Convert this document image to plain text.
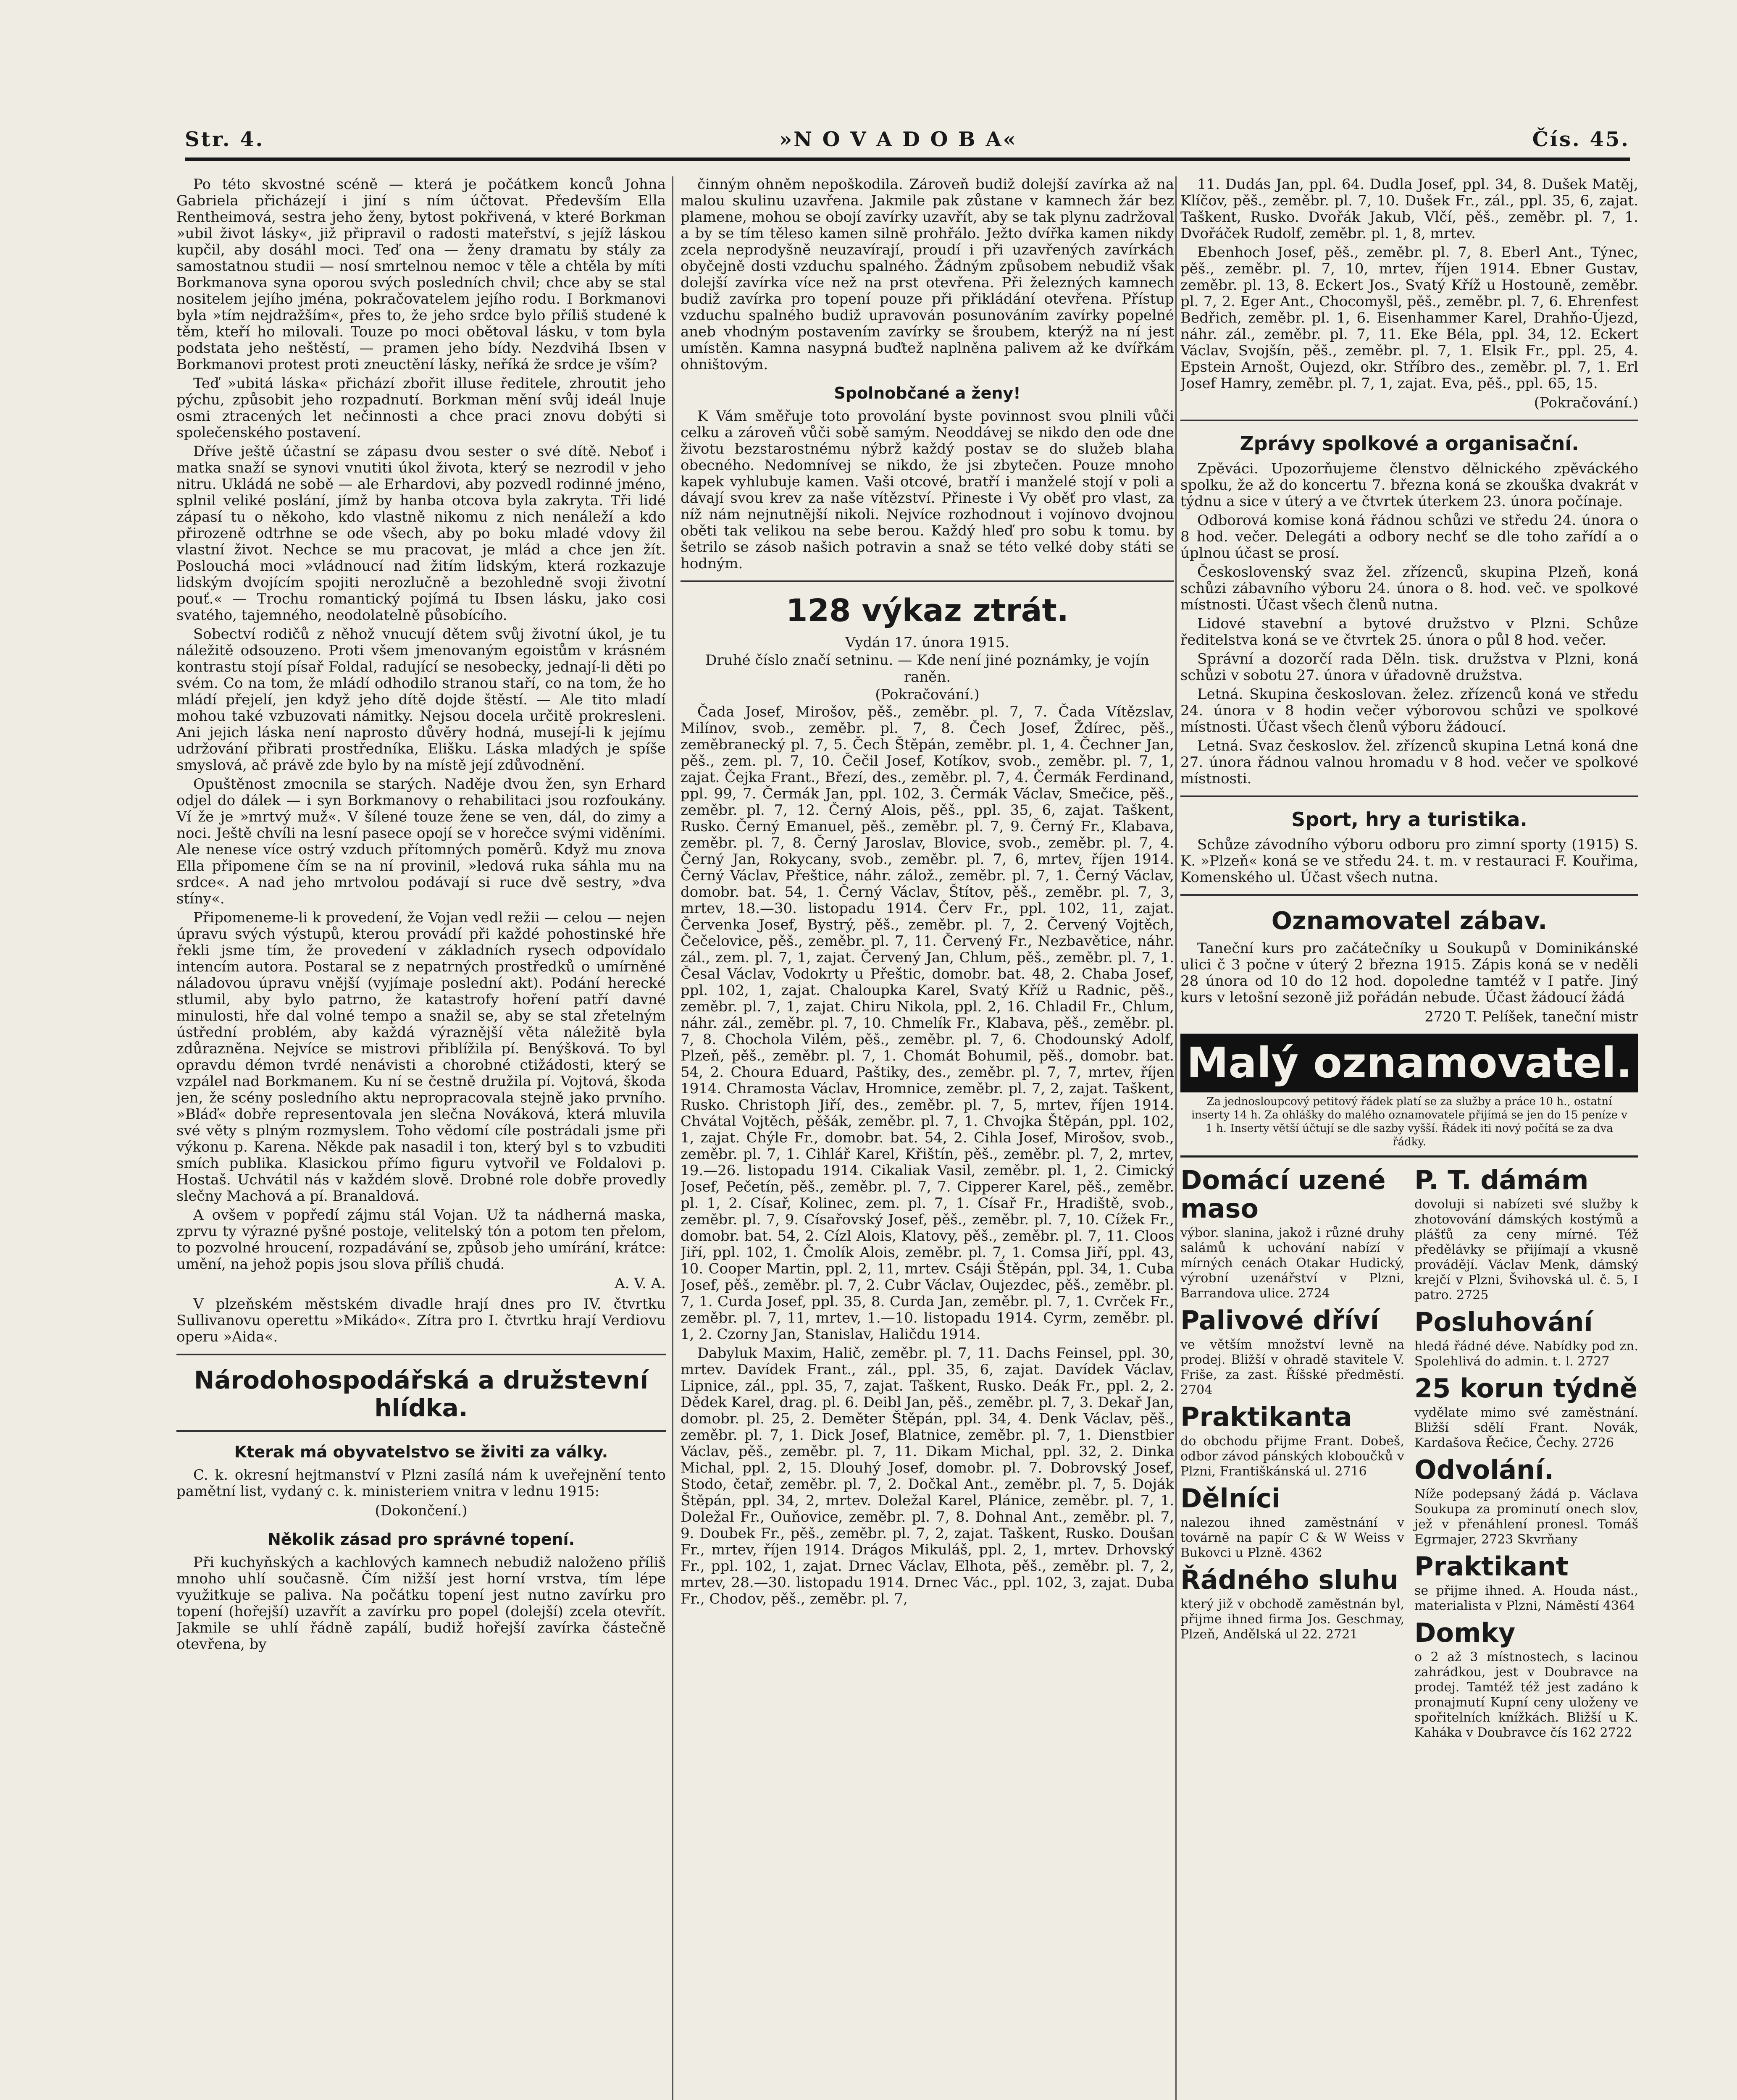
Str. 4.	»N O V A D O B A«	Čís. 45.

Po této skvostné scéně — která je počátkem konců Johna Gabriela přicházejí i jiní s ním účtovat. Především Ella Rentheimová, sestra jeho ženy, bytost pokřivená, v které Borkman »ubil život lásky«, již připravil o radosti mateřství, s jejíž láskou kupčil, aby dosáhl moci. Teď ona — ženy dramatu by stály za samostatnou studii — nosí smrtelnou nemoc v těle a chtěla by míti Borkmanova syna oporou svých posledních chvil; chce aby se stal nositelem jejího jména, pokračovatelem jejího rodu. I Borkmanovi byla »tím nejdražším«, přes to, že jeho srdce bylo příliš studené k těm, kteří ho milovali. Touze po moci obětoval lásku, v tom byla podstata jeho neštěstí, — pramen jeho bídy. Nezdvihá Ibsen v Borkmanovi protest proti zneuctění lásky, neříká že srdce je vším?

Teď »ubitá láska« přichází zbořit illuse ředitele, zhroutit jeho pýchu, způsobit jeho rozpadnutí. Borkman mění svůj ideál lnuje osmi ztracených let nečinnosti a chce praci znovu dobýti si společenského postavení.

Dříve ještě účastní se zápasu dvou sester o své dítě. Neboť i matka snaží se synovi vnutiti úkol života, který se nezrodil v jeho nitru. Ukládá ne sobě — ale Erhardovi, aby pozvedl rodinné jméno, splnil veliké poslání, jímž by hanba otcova byla zakryta. Tři lidé zápasí tu o někoho, kdo vlastně nikomu z nich nenáleží a kdo přirozeně odtrhne se ode všech, aby po boku mladé vdovy žil vlastní život. Nechce se mu pracovat, je mlád a chce jen žít. Poslouchá moci »vládnoucí nad žitím lidským, která rozkazuje lidským dvojícím spojiti nerozlučně a bezohledně svoji životní pouť.« — Trochu romantický pojímá tu Ibsen lásku, jako cosi svatého, tajemného, neodolatelně působícího.

Sobectví rodičů z něhož vnucují dětem svůj životní úkol, je tu náležitě odsouzeno. Proti všem jmenovaným egoistům v krásném kontrastu stojí písař Foldal, radující se nesobecky, jednají-li děti po svém. Co na tom, že mládí odhodilo stranou staří, co na tom, že ho mládí přejelí, jen když jeho dítě dojde štěstí. — Ale tito mladí mohou také vzbuzovati námitky. Nejsou docela určitě prokresleni. Ani jejich láska není naprosto důvěry hodná, musejí-li k jejímu udržování přibrati prostředníka, Elišku. Láska mladých je spíše smyslová, ač právě zde bylo by na místě její zdůvodnění.

Opuštěnost zmocnila se starých. Naděje dvou žen, syn Erhard odjel do dálek — i syn Borkmanovy o rehabilitaci jsou rozfoukány. Ví že je »mrtvý muž«. V šílené touze žene se ven, dál, do zimy a noci. Ještě chvíli na lesní pasece opojí se v horečce svými viděními. Ale nenese více ostrý vzduch přítomných poměrů. Když mu znova Ella připomene čím se na ní provinil, »ledová ruka sáhla mu na srdce«. A nad jeho mrtvolou podávají si ruce dvě sestry, »dva stíny«.

Připomeneme-li k provedení, že Vojan vedl režii — celou — nejen úpravu svých výstupů, kterou provádí při každé pohostinské hře řekli jsme tím, že provedení v základních rysech odpovídalo intencím autora. Postaral se z nepatrných prostředků o umírněné náladovou úpravu vnější (vyjímaje poslední akt). Podání herecké stlumil, aby bylo patrno, že katastrofy hoření patří davné minulosti, hře dal volné tempo a snažil se, aby se stal zřetelným ústřední problém, aby každá výraznější věta náležitě byla zdůrazněna. Nejvíce se mistrovi přiblížila pí. Benýšková. To byl opravdu démon tvrdé nenávisti a chorobné ctižádosti, který se vzpálel nad Borkmanem. Ku ní se čestně družila pí. Vojtová, škoda jen, že scény posledního aktu nepropracovala stejně jako prvního. »Bláď« dobře representovala jen slečna Nováková, která mluvila své věty s plným rozmyslem. Toho vědomí cíle postrádali jsme při výkonu p. Karena. Někde pak nasadil i ton, který byl s to vzbuditi smích publika. Klasickou přímo figuru vytvořil ve Foldalovi p. Hostaš. Uchvátil nás v každém slově. Drobné role dobře provedly slečny Machová a pí. Branaldová.

A ovšem v popředí zájmu stál Vojan. Už ta nádherná maska, zprvu ty výrazné pyšné postoje, velitelský tón a potom ten přelom, to pozvolné hroucení, rozpadávání se, způsob jeho umírání, krátce: umění, na jehož popis jsou slova příliš chudá.

A. V. A.

V plzeňském městském divadle hrají dnes pro IV. čtvrtku Sullivanovu operettu »Mikádo«. Zítra pro I. čtvrtku hrají Verdiovu operu »Aida«.

Národohospodářská a družstevní hlídka.
Kterak má obyvatelstvo se živiti za války.

C. k. okresní hejtmanství v Plzni zasílá nám k uveřejnění tento pamětní list, vydaný c. k. ministeriem vnitra v lednu 1915:

(Dokončení.)
Několik zásad pro správné topení.

Při kuchyňských a kachlových kamnech nebudiž naloženo příliš mnoho uhlí současně. Čím nižší jest horní vrstva, tím lépe využitkuje se paliva. Na počátku topení jest nutno zavírku pro topení (hořejší) uzavřít a zavírku pro popel (dolejší) zcela otevřít. Jakmile se uhlí řádně zapálí, budiž hořejší zavírka částečně otevřena, by

činným ohněm nepoškodila. Zároveň budiž dolejší zavírka až na malou skulinu uzavřena. Jakmile pak zůstane v kamnech žár bez plamene, mohou se obojí zavírky uzavřít, aby se tak plynu zadržoval a by se tím těleso kamen silně prohřálo. Ježto dvířka kamen nikdy zcela neprodyšně neuzavírají, proudí i při uzavřených zavírkách obyčejně dosti vzduchu spalného. Žádným způsobem nebudiž však dolejší zavírka více než na prst otevřena. Při železných kamnech budiž zavírka pro topení pouze při přikládání otevřena. Přístup vzduchu spalného budiž upravován posunováním zavírky popelné aneb vhodným postavením zavírky se šroubem, kterýž na ní jest umístěn. Kamna nasypná buďtež naplněna palivem až ke dvířkám ohništovým.

Spolnobčané a ženy!

K Vám směřuje toto provolání byste povinnost svou plnili vůči celku a zároveň vůči sobě samým. Neoddávej se nikdo den ode dne životu bezstarostnému nýbrž každý postav se do služeb blaha obecného. Nedomnívej se nikdo, že jsi zbytečen. Pouze mnoho kapek vyhlubuje kamen. Vaši otcové, bratří i manželé stojí v poli a dávají svou krev za naše vítězství. Přineste i Vy oběť pro vlast, za níž nám nejnutnější nikoli. Nejvíce rozhodnout i vojínovo dvojnou oběti tak velikou na sebe berou. Každý hleď pro sobu k tomu. by šetrilo se zásob našich potravin a snaž se této velké doby státi se hodným.

128 výkaz ztrát.
Vydán 17. února 1915.
Druhé číslo značí setninu. — Kde není jiné poznámky, je vojín raněn.
(Pokračování.)

Čada Josef, Mirošov, pěš., zeměbr. pl. 7, 7. Čada Vítězslav, Milínov, svob., zeměbr. pl. 7, 8. Čech Josef, Ždírec, pěš., zeměbranecký pl. 7, 5. Čech Štěpán, zeměbr. pl. 1, 4. Čechner Jan, pěš., zem. pl. 7, 10. Čečil Josef, Kotíkov, svob., zeměbr. pl. 7, 1, zajat. Čejka Frant., Březí, des., zeměbr. pl. 7, 4. Čermák Ferdinand, ppl. 99, 7. Čermák Jan, ppl. 102, 3. Čermák Václav, Smečice, pěš., zeměbr. pl. 7, 12. Černý Alois, pěš., ppl. 35, 6, zajat. Taškent, Rusko. Černý Emanuel, pěš., zeměbr. pl. 7, 9. Černý Fr., Klabava, zeměbr. pl. 7, 8. Černý Jaroslav, Blovice, svob., zeměbr. pl. 7, 4. Černý Jan, Rokycany, svob., zeměbr. pl. 7, 6, mrtev, říjen 1914. Černý Václav, Přeštice, náhr. zálož., zeměbr. pl. 7, 1. Černý Václav, domobr. bat. 54, 1. Černý Václav, Štítov, pěš., zeměbr. pl. 7, 3, mrtev, 18.—30. listopadu 1914. Červ Fr., ppl. 102, 11, zajat. Červenka Josef, Bystrý, pěš., zeměbr. pl. 7, 2. Červený Vojtěch, Čečelovice, pěš., zeměbr. pl. 7, 11. Červený Fr., Nezbavětice, náhr. zál., zem. pl. 7, 1, zajat. Červený Jan, Chlum, pěš., zeměbr. pl. 7, 1. Česal Václav, Vodokrty u Přeštic, domobr. bat. 48, 2. Chaba Josef, ppl. 102, 1, zajat. Chaloupka Karel, Svatý Kříž u Radnic, pěš., zeměbr. pl. 7, 1, zajat. Chiru Nikola, ppl. 2, 16. Chladil Fr., Chlum, náhr. zál., zeměbr. pl. 7, 10. Chmelík Fr., Klabava, pěš., zeměbr. pl. 7, 8. Chochola Vilém, pěš., zeměbr. pl. 7, 6. Chodounský Adolf, Plzeň, pěš., zeměbr. pl. 7, 1. Chomát Bohumil, pěš., domobr. bat. 54, 2. Choura Eduard, Paštiky, des., zeměbr. pl. 7, 7, mrtev, říjen 1914. Chramosta Václav, Hromnice, zeměbr. pl. 7, 2, zajat. Taškent, Rusko. Christoph Jiří, des., zeměbr. pl. 7, 5, mrtev, říjen 1914. Chvátal Vojtěch, pěšák, zeměbr. pl. 7, 1. Chvojka Štěpán, ppl. 102, 1, zajat. Chýle Fr., domobr. bat. 54, 2. Cihla Josef, Mirošov, svob., zeměbr. pl. 7, 1. Cihlář Karel, Křištín, pěš., zeměbr. pl. 7, 2, mrtev, 19.—26. listopadu 1914. Cikaliak Vasil, zeměbr. pl. 1, 2. Cimický Josef, Pečetín, pěš., zeměbr. pl. 7, 7. Cipperer Karel, pěš., zeměbr. pl. 1, 2. Císař, Kolinec, zem. pl. 7, 1. Císař Fr., Hradiště, svob., zeměbr. pl. 7, 9. Císařovský Josef, pěš., zeměbr. pl. 7, 10. Cížek Fr., domobr. bat. 54, 2. Cízl Alois, Klatovy, pěš., zeměbr. pl. 7, 11. Cloos Jiří, ppl. 102, 1. Čmolík Alois, zeměbr. pl. 7, 1. Comsa Jiří, ppl. 43, 10. Cooper Martin, ppl. 2, 11, mrtev. Csáji Štěpán, ppl. 34, 1. Cuba Josef, pěš., zeměbr. pl. 7, 2. Cubr Václav, Oujezdec, pěš., zeměbr. pl. 7, 1. Curda Josef, ppl. 35, 8. Curda Jan, zeměbr. pl. 7, 1. Cvrček Fr., zeměbr. pl. 7, 11, mrtev, 1.—10. listopadu 1914. Cyrm, zeměbr. pl. 1, 2. Czorny Jan, Stanislav, Haličdu 1914.

Dabyluk Maxim, Halič, zeměbr. pl. 7, 11. Dachs Feinsel, ppl. 30, mrtev. Davídek Frant., zál., ppl. 35, 6, zajat. Davídek Václav, Lipnice, zál., ppl. 35, 7, zajat. Taškent, Rusko. Deák Fr., ppl. 2, 2. Dědek Karel, drag. pl. 6. Deibl Jan, pěš., zeměbr. pl. 7, 3. Dekař Jan, domobr. pl. 25, 2. Deměter Štěpán, ppl. 34, 4. Denk Václav, pěš., zeměbr. pl. 7, 1. Dick Josef, Blatnice, zeměbr. pl. 7, 1. Dienstbier Václav, pěš., zeměbr. pl. 7, 11. Dikam Michal, ppl. 32, 2. Dinka Michal, ppl. 2, 15. Dlouhý Josef, domobr. pl. 7. Dobrovský Josef, Stodo, četař, zeměbr. pl. 7, 2. Dočkal Ant., zeměbr. pl. 7, 5. Doják Štěpán, ppl. 34, 2, mrtev. Doležal Karel, Plánice, zeměbr. pl. 7, 1. Doležal Fr., Ouňovice, zeměbr. pl. 7, 8. Dohnal Ant., zeměbr. pl. 7, 9. Doubek Fr., pěš., zeměbr. pl. 7, 2, zajat. Taškent, Rusko. Doušan Fr., mrtev, říjen 1914. Drágos Mikuláš, ppl. 2, 1, mrtev. Drhovský Fr., ppl. 102, 1, zajat. Drnec Václav, Elhota, pěš., zeměbr. pl. 7, 2, mrtev, 28.—30. listopadu 1914. Drnec Vác., ppl. 102, 3, zajat. Duba Fr., Chodov, pěš., zeměbr. pl. 7,

11. Dudás Jan, ppl. 64. Dudla Josef, ppl. 34, 8. Dušek Matěj, Klíčov, pěš., zeměbr. pl. 7, 10. Dušek Fr., zál., ppl. 35, 6, zajat. Taškent, Rusko. Dvořák Jakub, Vlčí, pěš., zeměbr. pl. 7, 1. Dvořáček Rudolf, zeměbr. pl. 1, 8, mrtev.

Ebenhoch Josef, pěš., zeměbr. pl. 7, 8. Eberl Ant., Týnec, pěš., zeměbr. pl. 7, 10, mrtev, říjen 1914. Ebner Gustav, zeměbr. pl. 13, 8. Eckert Jos., Svatý Kříž u Hostouně, zeměbr. pl. 7, 2. Eger Ant., Chocomyšl, pěš., zeměbr. pl. 7, 6. Ehrenfest Bedřich, zeměbr. pl. 1, 6. Eisenhammer Karel, Drahňo-Újezd, náhr. zál., zeměbr. pl. 7, 11. Eke Béla, ppl. 34, 12. Eckert Václav, Svojšín, pěš., zeměbr. pl. 7, 1. Elsik Fr., ppl. 25, 4. Epstein Arnošt, Oujezd, okr. Stříbro des., zeměbr. pl. 7, 1. Erl Josef Hamry, zeměbr. pl. 7, 1, zajat. Eva, pěš., ppl. 65, 15.

(Pokračování.)
Zprávy spolkové a organisační.

Zpěváci. Upozorňujeme členstvo dělnického zpěváckého spolku, že až do koncertu 7. března koná se zkouška dvakrát v týdnu a sice v úterý a ve čtvrtek úterkem 23. února počínaje.

Odborová komise koná řádnou schůzi ve středu 24. února o 8 hod. večer. Delegáti a odbory nechť se dle toho zařídí a o úplnou účast se prosí.

Československý svaz žel. zřízenců, skupina Plzeň, koná schůzi zábavního výboru 24. února o 8. hod. več. ve spolkové místnosti. Účast všech členů nutna.

Lidové stavební a bytové družstvo v Plzni. Schůze ředitelstva koná se ve čtvrtek 25. února o půl 8 hod. večer.

Správní a dozorčí rada Děln. tisk. družstva v Plzni, koná schůzi v sobotu 27. února v úřadovně družstva.

Letná. Skupina českoslovan. želez. zřízenců koná ve středu 24. února v 8 hodin večer výborovou schůzi ve spolkové místnosti. Účast všech členů výboru žádoucí.

Letná. Svaz českoslov. žel. zřízenců skupina Letná koná dne 27. února řádnou valnou hromadu v 8 hod. večer ve spolkové místnosti.

Sport, hry a turistika.

Schůze závodního výboru odboru pro zimní sporty (1915) S. K. »Plzeň« koná se ve středu 24. t. m. v restauraci F. Kouřima, Komenského ul. Účast všech nutna.

Oznamovatel zábav.

Taneční kurs pro začátečníky u Soukupů v Dominikánské ulici č 3 počne v úterý 2 března 1915. Zápis koná se v neděli 28 února od 10 do 12 hod. dopoledne tamtéž v I patře. Jiný kurs v letošní sezoně již pořádán nebude. Účast žádoucí žádá

2720 T. Pelíšek, taneční mistr
Malý oznamovatel.
Za jednosloupcový petitový řádek platí se za služby a práce 10 h., ostatní inserty 14 h. Za ohlášky do malého oznamovatele přijímá se jen do 15 peníze v 1 h. Inserty větší účtují se dle sazby vyšší. Řádek iti nový počítá se za dva řádky.
Domácí uzené maso
výbor. slanina, jakož i různé druhy salámů k uchování nabízí v mírných cenách Otakar Hudický, výrobní uzenářství v Plzni, Barrandova ulice. 2724
Palivové dříví
ve větším množství levně na prodej. Bližší v ohradě stavitele V. Friše, za zast. Říšské předměstí. 2704
Praktikanta
do obchodu přijme Frant. Dobeš, odbor závod pánských kloboučků v Plzni, Františkánská ul. 2716
Dělníci
nalezou ihned zaměstnání v továrně na papír C & W Weiss v Bukovci u Plzně. 4362
Řádného sluhu
který již v obchodě zaměstnán byl, přijme ihned firma Jos. Geschmay, Plzeň, Andělská ul 22. 2721
P. T. dámám
dovoluji si nabízeti své služby k zhotovování dámských kostýmů a plášťů za ceny mírné. Též předělávky se přijímají a vkusně provádějí. Václav Menk, dámský krejčí v Plzni, Švihovská ul. č. 5, I patro. 2725
Posluhování
hledá řádné déve. Nabídky pod zn. Spolehlivá do admin. t. l. 2727
25 korun týdně
vydělate mimo své zaměstnání. Bližší sdělí Frant. Novák, Kardašova Řečice, Čechy. 2726
Odvolání.
Níže podepsaný žádá p. Václava Soukupa za prominutí onech slov, jež v přenáhlení pronesl. Tomáš Egrmajer, 2723 Skvrňany
Praktikant
se přijme ihned. A. Houda nást., materialista v Plzni, Náměstí 4364
Domky
o 2 až 3 místnostech, s lacinou zahrádkou, jest v Doubravce na prodej. Tamtéž též jest zadáno k pronajmutí Kupní ceny uloženy ve spořitelních knížkách. Bližší u K. Kaháka v Doubravce čís 162 2722
